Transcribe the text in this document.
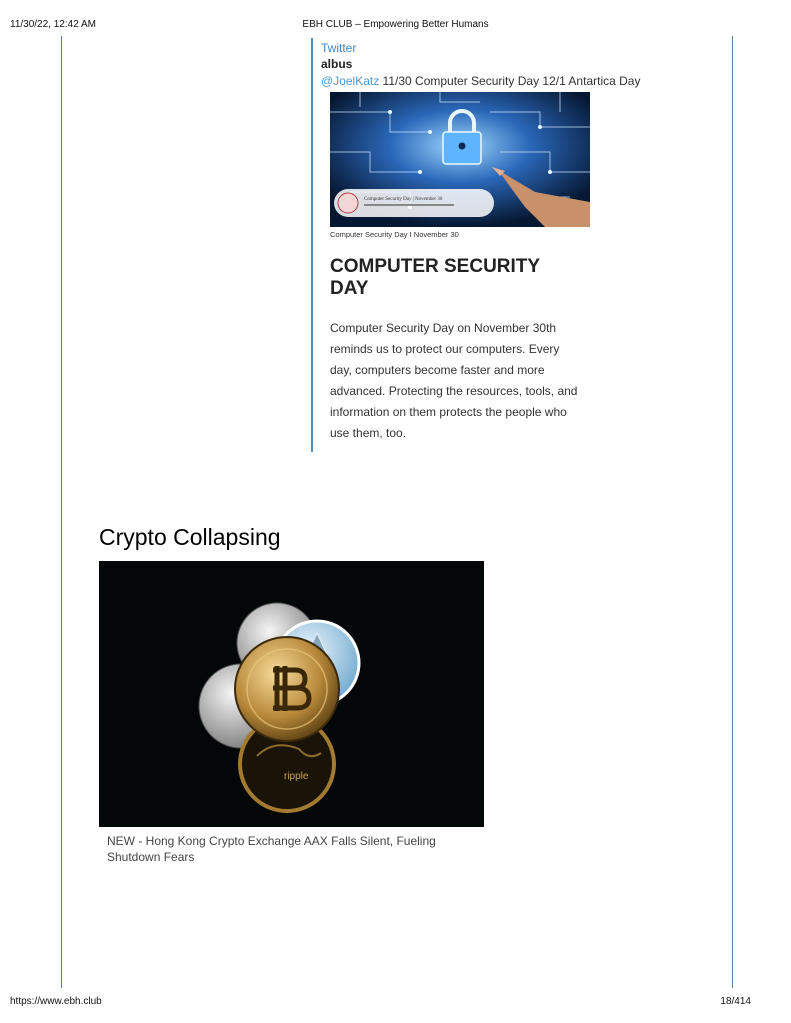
11/30/22, 12:42 AM	EBH CLUB – Empowering Better Humans
Twitter
albus
@JoelKatz 11/30 Computer Security Day 12/1 Antartica Day
Computer Security Day | November 30
Computer Security Day I November 30
COMPUTER SECURITY DAY
Computer Security Day on November 30th reminds us to protect our computers. Every day, computers become faster and more advanced. Protecting the resources, tools, and information on them protects the people who use them, too.
Crypto Collapsing
ripple
NEW - Hong Kong Crypto Exchange AAX Falls Silent, Fueling Shutdown Fears
https://www.ebh.club	18/414
